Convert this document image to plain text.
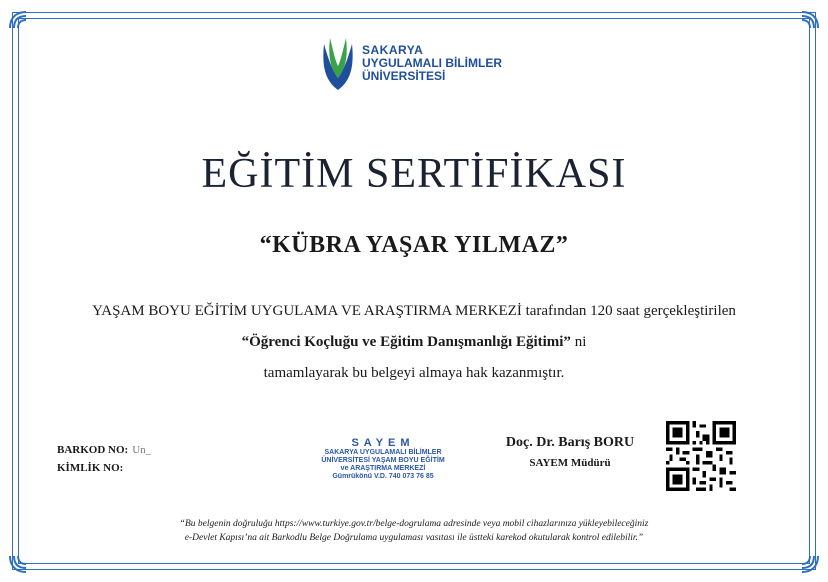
SAKARYA
UYGULAMALI BİLİMLER
ÜNİVERSİTESİ
EĞİTİM SERTİFİKASI
“KÜBRA YAŞAR YILMAZ”
YAŞAM BOYU EĞİTİM UYGULAMA VE ARAŞTIRMA MERKEZİ tarafından 120 saat gerçekleştirilen
“Öğrenci Koçluğu ve Eğitim Danışmanlığı Eğitimi” ni
tamamlayarak bu belgeyi almaya hak kazanmıştır.
BARKOD NO: Un_
KİMLİK NO:
SAYEM
SAKARYA UYGULAMALI BİLİMLER
ÜNİVERSİTESİ YAŞAM BOYU EĞİTİM
ve ARAŞTIRMA MERKEZİ
Gümrükönü V.D. 740 073 76 85
Doç. Dr. Barış BORU
SAYEM Müdürü
“Bu belgenin doğruluğu https://www.turkiye.gov.tr/belge-dogrulama adresinde veya mobil cihazlarınıza yükleyebileceğiniz
e-Devlet Kapısı’na ait Barkodlu Belge Doğrulama uygulaması vasıtası ile üstteki karekod okutularak kontrol edilebilir.”
